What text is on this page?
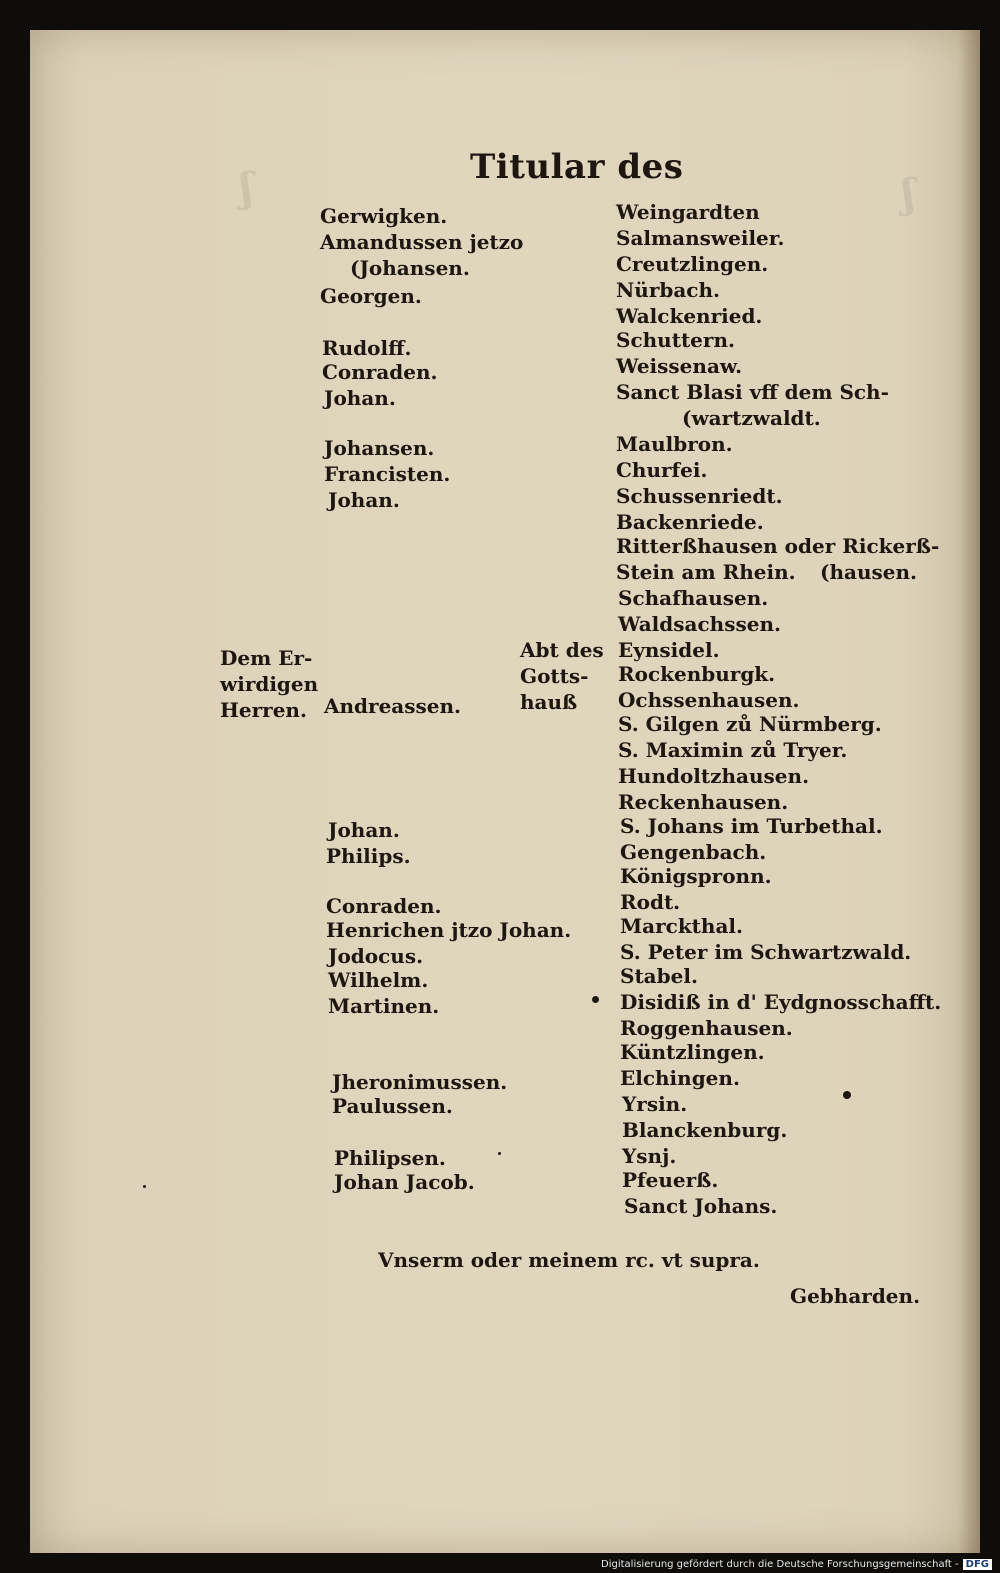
ʃ	ʃ
Titular des
Dem Er-
wirdigen
Herren.
Gerwigken.
Amandussen jetzo
(Johansen.
Georgen.
Rudolff.
Conraden.
Johan.
Johansen.
Francisten.
Johan.
Andreassen.
Johan.
Philips.
Conraden.
Henrichen jtzo Johan.
Jodocus.
Wilhelm.
Martinen.
Jheronimussen.
Paulussen.
Philipsen.
Johan Jacob.
Abt des
Gotts-
hauß
Weingardten
Salmansweiler.
Creutzlingen.
Nürbach.
Walckenried.
Schuttern.
Weissenaw.
Sanct Blasi vff dem Sch-
(wartzwaldt.
Maulbron.
Churfei.
Schussenriedt.
Backenriede.
Ritterßhausen oder Rickerß-
Stein am Rhein. (hausen.
Schafhausen.
Waldsachssen.
Eynsidel.
Rockenburgk.
Ochssenhausen.
S. Gilgen zů Nürmberg.
S. Maximin zů Tryer.
Hundoltzhausen.
Reckenhausen.
S. Johans im Turbethal.
Gengenbach.
Königspronn.
Rodt.
Marckthal.
S. Peter im Schwartzwald.
Stabel.
Disidiß in d' Eydgnosschafft.
Roggenhausen.
Küntzlingen.
Elchingen.
Yrsin.
Blanckenburg.
Ysnj.
Pfeuerß.
Sanct Johans.
Vnserm oder meinem rc. vt supra.
Gebharden.
Digitalisierung gefördert durch die Deutsche Forschungsgemeinschaft - DFG
